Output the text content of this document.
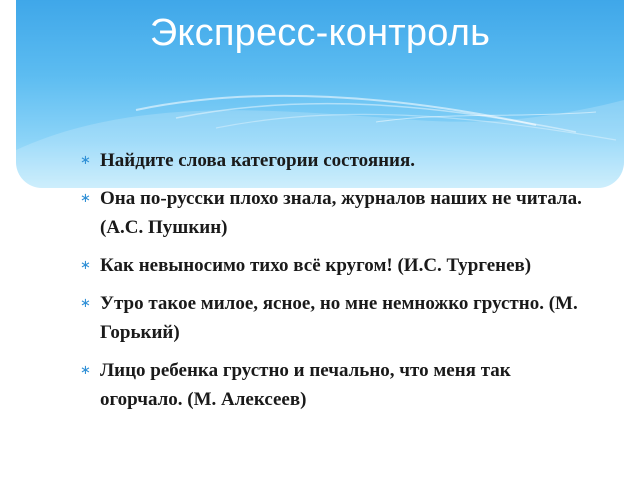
Экспресс-контроль
∗ Найдите слова категории состояния.
∗ Она по-русски плохо знала, журналов наших не читала. (А.С. Пушкин)
∗ Как невыносимо тихо всё кругом! (И.С. Тургенев)
∗ Утро такое милое, ясное, но мне немножко грустно. (М. Горький)
∗ Лицо ребенка грустно и печально, что меня так огорчало. (М. Алексеев)
